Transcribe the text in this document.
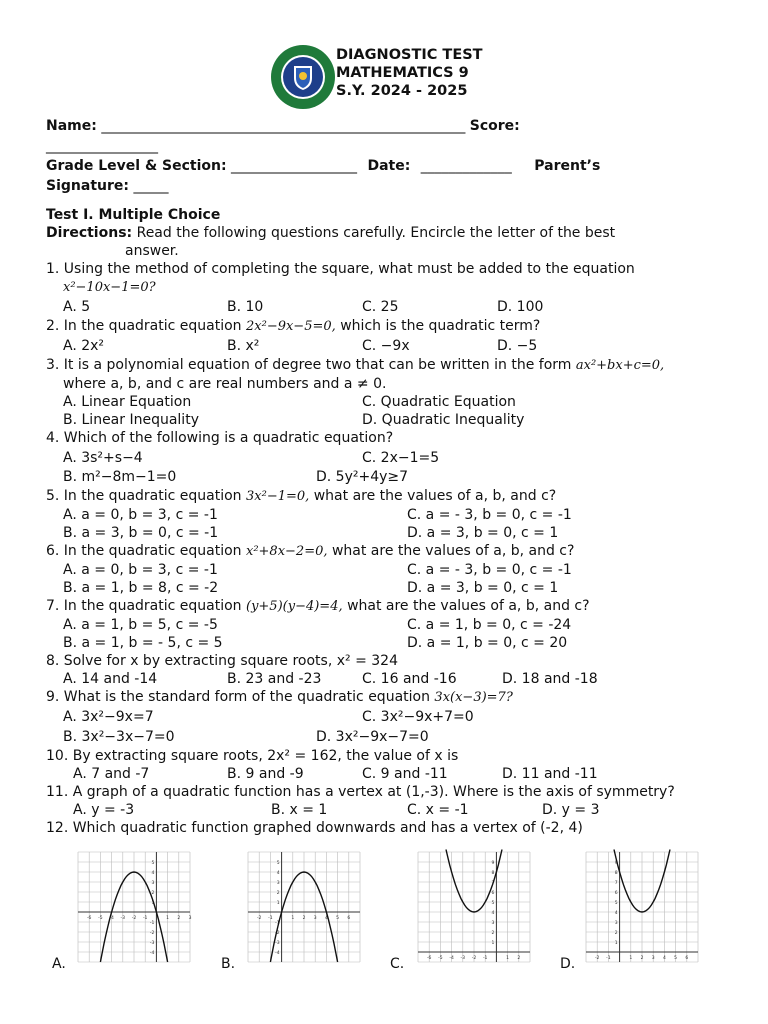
DIAGNOSTIC TEST
MATHEMATICS 9
S.Y. 2024 - 2025
Name: ____________________________________________________ Score:
________________
Grade Level & Section: __________________ Date: _____________ Parent’s
Signature: _____
Test I. Multiple Choice
Directions: Read the following questions carefully. Encircle the letter of the best
answer.
1. Using the method of completing the square, what must be added to the equation
x²−10x−1=0?
A. 5	B. 10	C. 25	D. 100
2. In the quadratic equation 2x²−9x−5=0, which is the quadratic term?
A. 2x²	B. x²	C. −9x	D. −5
3. It is a polynomial equation of degree two that can be written in the form ax²+bx+c=0,
where a, b, and c are real numbers and a ≠ 0.
A. Linear Equation	C. Quadratic Equation
B. Linear Inequality	D. Quadratic Inequality
4. Which of the following is a quadratic equation?
A. 3s²+s−4	C. 2x−1=5
B. m²−8m−1=0	D. 5y²+4y≥7
5. In the quadratic equation 3x²−1=0, what are the values of a, b, and c?
A. a = 0, b = 3, c = -1	C. a = - 3, b = 0, c = -1
B. a = 3, b = 0, c = -1	D. a = 3, b = 0, c = 1
6. In the quadratic equation x²+8x−2=0, what are the values of a, b, and c?
A. a = 0, b = 3, c = -1	C. a = - 3, b = 0, c = -1
B. a = 1, b = 8, c = -2	D. a = 3, b = 0, c = 1
7. In the quadratic equation (y+5)(y−4)=4, what are the values of a, b, and c?
A. a = 1, b = 5, c = -5	C. a = 1, b = 0, c = -24
B. a = 1, b = - 5, c = 5	D. a = 1, b = 0, c = 20
8. Solve for x by extracting square roots, x² = 324
A. 14 and -14	B. 23 and -23	C. 16 and -16	D. 18 and -18
9. What is the standard form of the quadratic equation 3x(x−3)=7?
A. 3x²−9x=7	C. 3x²−9x+7=0
B. 3x²−3x−7=0	D. 3x²−9x−7=0
10. By extracting square roots, 2x² = 162, the value of x is
A. 7 and -7	B. 9 and -9	C. 9 and -11	D. 11 and -11
11. A graph of a quadratic function has a vertex at (1,-3). Where is the axis of symmetry?
A. y = -3	B. x = 1	C. x = -1	D. y = 3
12. Which quadratic function graphed downwards and has a vertex of (-2, 4)
-6 -5 -4 -3 -2 -1	1 2 3
5
4
3
2
1
-1
-2
-3
-4
-2 -1	1 2 3 4 5 6
5
4
3
2
1
-1
-2
-3
-4
-6 -5 -4 -3 -2 -1	1 2
9
8
7
6
5
4
3
2
1
-2 -1	1 2 3 4 5 6
9
8
7
6
5
4
3
2
1
A.	B.	C.	D.
